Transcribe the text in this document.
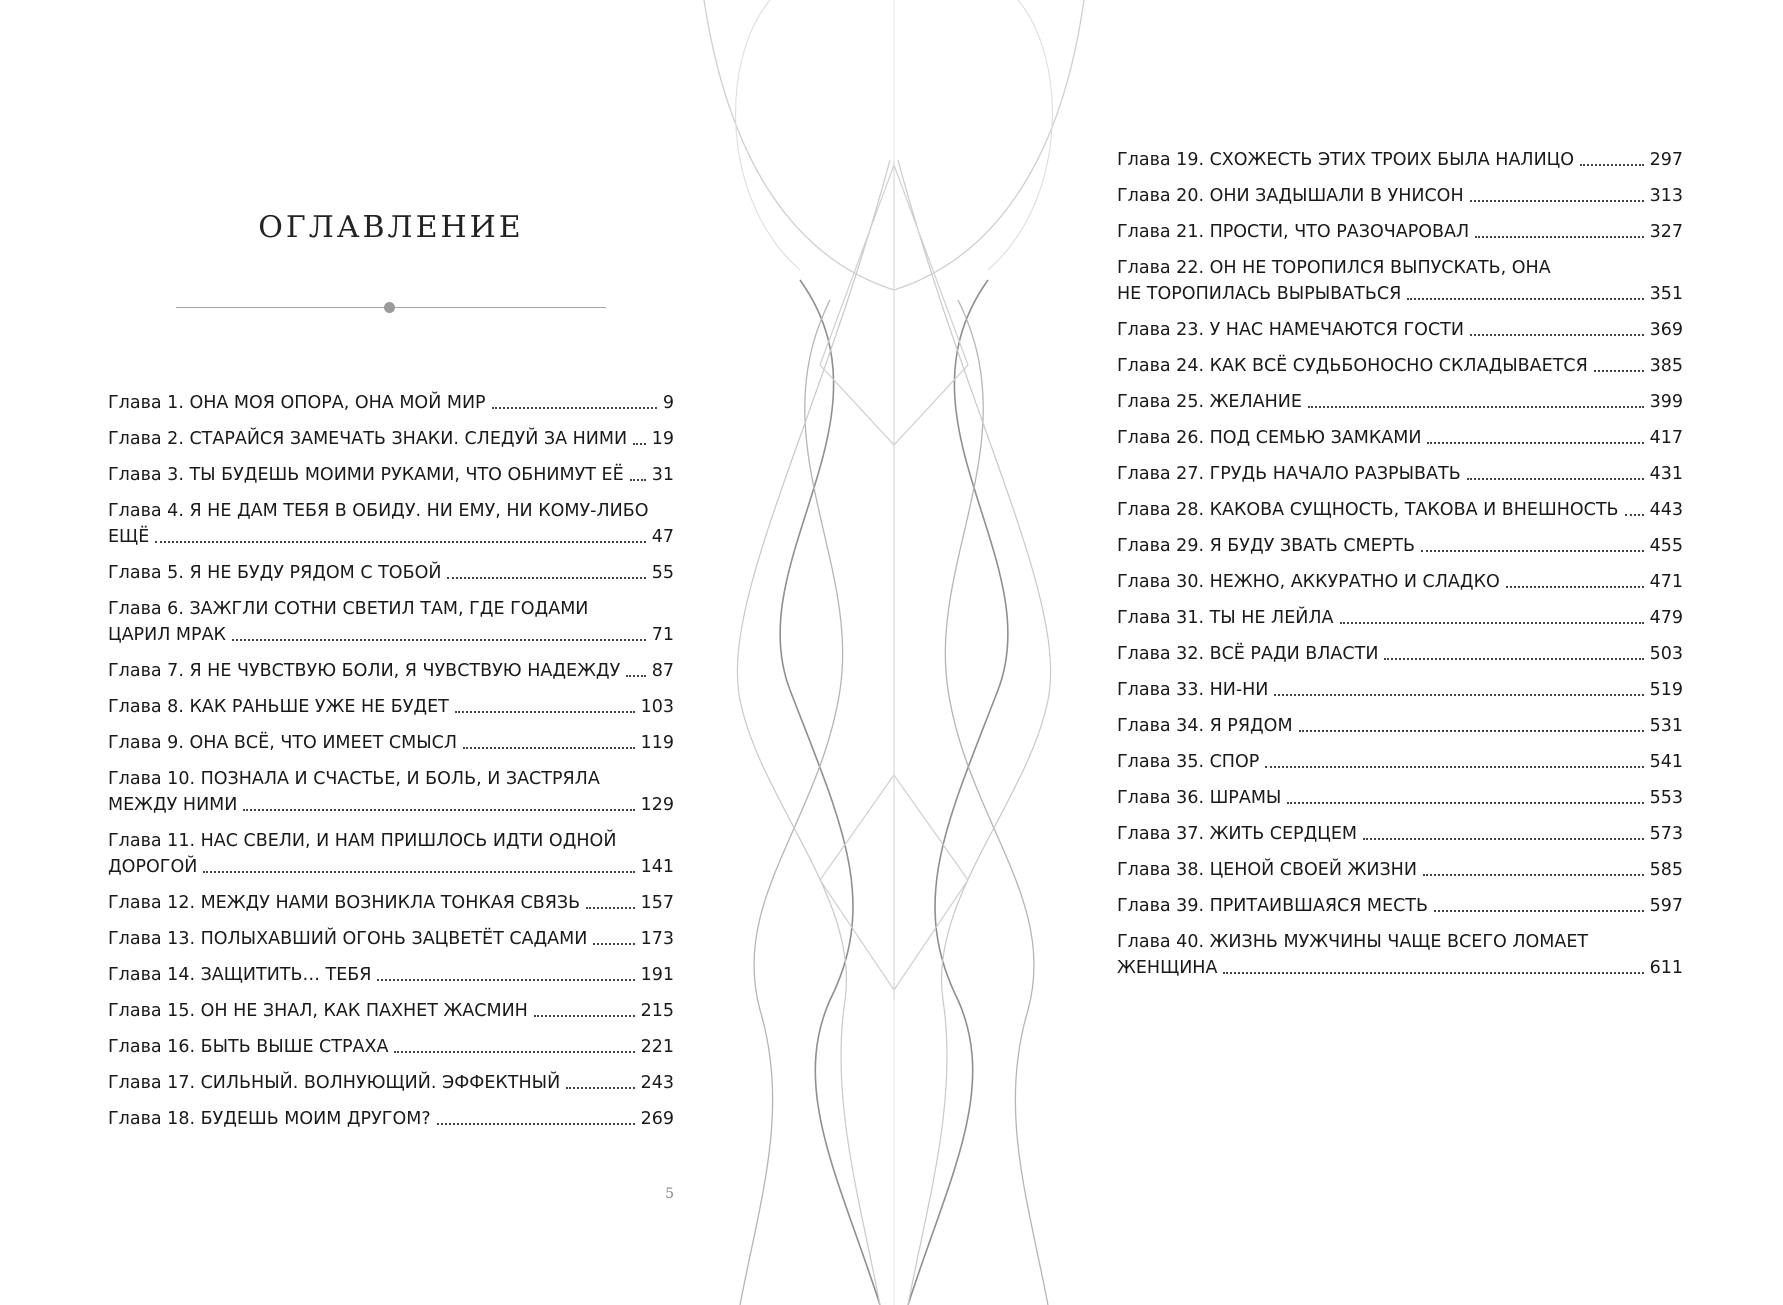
ОГЛАВЛЕНИЕ
Глава 1. ОНА МОЯ ОПОРА, ОНА МОЙ МИР	9
Глава 2. СТАРАЙСЯ ЗАМЕЧАТЬ ЗНАКИ. СЛЕДУЙ ЗА НИМИ 19
Глава 3. ТЫ БУДЕШЬ МОИМИ РУКАМИ, ЧТО ОБНИМУТ ЕЁ 31
Глава 4. Я НЕ ДАМ ТЕБЯ В ОБИДУ. НИ ЕМУ, НИ КОМУ-ЛИБО
ЕЩЁ	47
Глава 5. Я НЕ БУДУ РЯДОМ С ТОБОЙ	55
Глава 6. ЗАЖГЛИ СОТНИ СВЕТИЛ ТАМ, ГДЕ ГОДАМИ
ЦАРИЛ МРАК	71
Глава 7. Я НЕ ЧУВСТВУЮ БОЛИ, Я ЧУВСТВУЮ НАДЕЖДУ 87
Глава 8. КАК РАНЬШЕ УЖЕ НЕ БУДЕТ	103
Глава 9. ОНА ВСЁ, ЧТО ИМЕЕТ СМЫСЛ	119
Глава 10. ПОЗНАЛА И СЧАСТЬЕ, И БОЛЬ, И ЗАСТРЯЛА
МЕЖДУ НИМИ	129
Глава 11. НАС СВЕЛИ, И НАМ ПРИШЛОСЬ ИДТИ ОДНОЙ
ДОРОГОЙ	141
Глава 12. МЕЖДУ НАМИ ВОЗНИКЛА ТОНКАЯ СВЯЗЬ	157
Глава 13. ПОЛЫХАВШИЙ ОГОНЬ ЗАЦВЕТЁТ САДАМИ	173
Глава 14. ЗАЩИТИТЬ… ТЕБЯ	191
Глава 15. ОН НЕ ЗНАЛ, КАК ПАХНЕТ ЖАСМИН	215
Глава 16. БЫТЬ ВЫШЕ СТРАХА	221
Глава 17. СИЛЬНЫЙ. ВОЛНУЮЩИЙ. ЭФФЕКТНЫЙ	243
Глава 18. БУДЕШЬ МОИМ ДРУГОМ?	269
Глава 19. СХОЖЕСТЬ ЭТИХ ТРОИХ БЫЛА НАЛИЦО	297
Глава 20. ОНИ ЗАДЫШАЛИ В УНИСОН	313
Глава 21. ПРОСТИ, ЧТО РАЗОЧАРОВАЛ	327
Глава 22. ОН НЕ ТОРОПИЛСЯ ВЫПУСКАТЬ, ОНА
НЕ ТОРОПИЛАСЬ ВЫРЫВАТЬСЯ	351
Глава 23. У НАС НАМЕЧАЮТСЯ ГОСТИ	369
Глава 24. КАК ВСЁ СУДЬБОНОСНО СКЛАДЫВАЕТСЯ	385
Глава 25. ЖЕЛАНИЕ	399
Глава 26. ПОД СЕМЬЮ ЗАМКАМИ	417
Глава 27. ГРУДЬ НАЧАЛО РАЗРЫВАТЬ	431
Глава 28. КАКОВА СУЩНОСТЬ, ТАКОВА И ВНЕШНОСТЬ 443
Глава 29. Я БУДУ ЗВАТЬ СМЕРТЬ	455
Глава 30. НЕЖНО, АККУРАТНО И СЛАДКО	471
Глава 31. ТЫ НЕ ЛЕЙЛА	479
Глава 32. ВСЁ РАДИ ВЛАСТИ	503
Глава 33. НИ-НИ	519
Глава 34. Я РЯДОМ	531
Глава 35. СПОР	541
Глава 36. ШРАМЫ	553
Глава 37. ЖИТЬ СЕРДЦЕМ	573
Глава 38. ЦЕНОЙ СВОЕЙ ЖИЗНИ	585
Глава 39. ПРИТАИВШАЯСЯ МЕСТЬ	597
Глава 40. ЖИЗНЬ МУЖЧИНЫ ЧАЩЕ ВСЕГО ЛОМАЕТ
ЖЕНЩИНА	611
5
